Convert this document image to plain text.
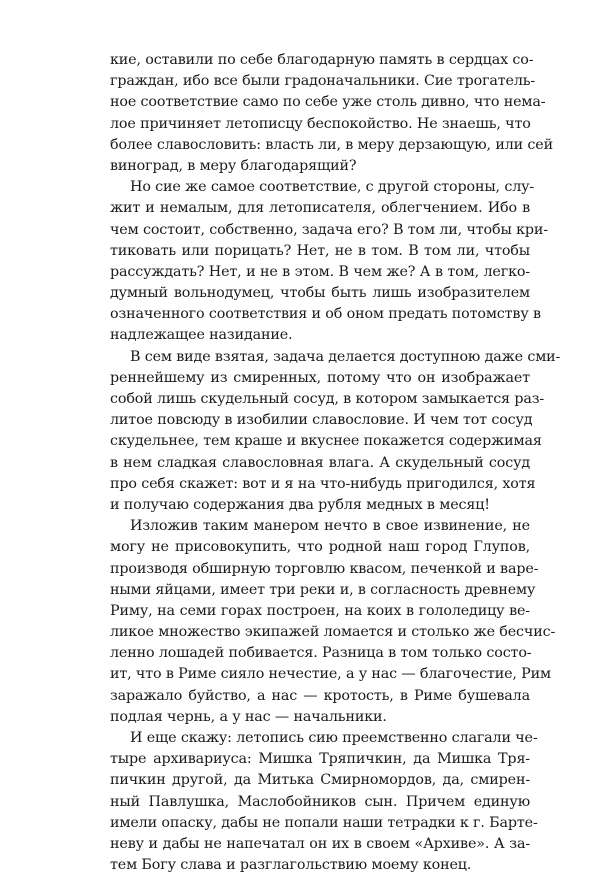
кие, оставили по себе благодарную память в сердцах со-
граждан, ибо все были градоначальники. Сие трогатель-
ное соответствие само по себе уже столь дивно, что нема-
лое причиняет летописцу беспокойство. Не знаешь, что
более славословить: власть ли, в меру дерзающую, или сей
виноград, в меру благодарящий?
Но сие же самое соответствие, с другой стороны, слу-
жит и немалым, для летописателя, облегчением. Ибо в
чем состоит, собственно, задача его? В том ли, чтобы кри-
тиковать или порицать? Нет, не в том. В том ли, чтобы
рассуждать? Нет, и не в этом. В чем же? А в том, легко-
думный вольнодумец, чтобы быть лишь изобразителем
означенного соответствия и об оном предать потомству в
надлежащее назидание.
В сем виде взятая, задача делается доступною даже сми-
реннейшему из смиренных, потому что он изображает
собой лишь скудельный сосуд, в котором замыкается раз-
литое повсюду в изобилии славословие. И чем тот сосуд
скудельнее, тем краше и вкуснее покажется содержимая
в нем сладкая славословная влага. А скудельный сосуд
про себя скажет: вот и я на что-нибудь пригодился, хотя
и получаю содержания два рубля медных в месяц!
Изложив таким манером нечто в свое извинение, не
могу не присовокупить, что родной наш город Глупов,
производя обширную торговлю квасом, печенкой и варе-
ными яйцами, имеет три реки и, в согласность древнему
Риму, на семи горах построен, на коих в гололедицу ве-
ликое множество экипажей ломается и столько же бесчис-
ленно лошадей побивается. Разница в том только состо-
ит, что в Риме сияло нечестие, а у нас — благочестие, Рим
заражало буйство, а нас — кротость, в Риме бушевала
подлая чернь, а у нас — начальники.
И еще скажу: летопись сию преемственно слагали че-
тыре архивариуса: Мишка Тряпичкин, да Мишка Тря-
пичкин другой, да Митька Смирномордов, да, смирен-
ный Павлушка, Маслобойников сын. Причем единую
имели опаску, дабы не попали наши тетрадки к г. Барте-
неву и дабы не напечатал он их в своем «Архиве». А за-
тем Богу слава и разглагольствию моему конец.
